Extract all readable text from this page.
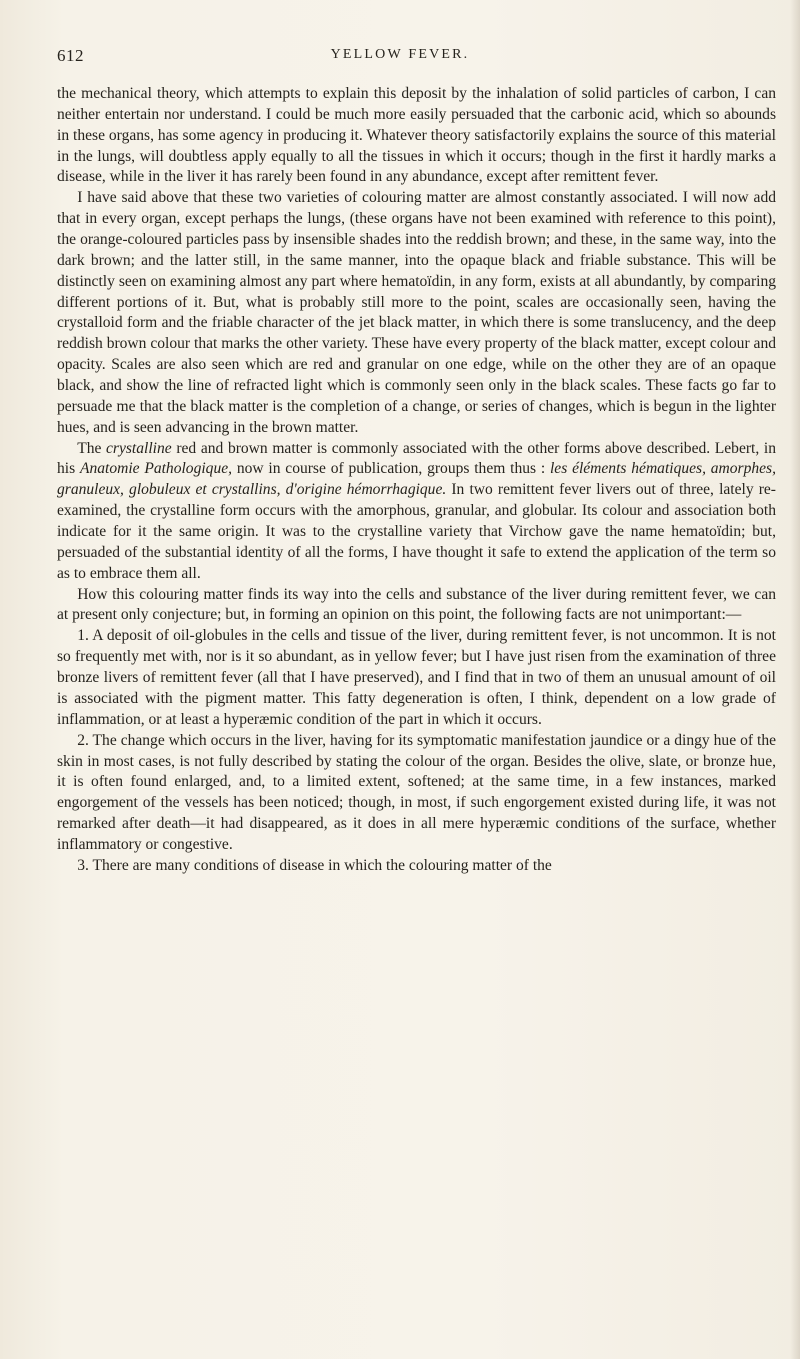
612	YELLOW FEVER.

the mechanical theory, which attempts to explain this deposit by the inhalation of solid particles of carbon, I can neither entertain nor understand. I could be much more easily persuaded that the carbonic acid, which so abounds in these organs, has some agency in producing it. Whatever theory satisfactorily explains the source of this material in the lungs, will doubtless apply equally to all the tissues in which it occurs; though in the first it hardly marks a disease, while in the liver it has rarely been found in any abundance, except after remittent fever.

I have said above that these two varieties of colouring matter are almost constantly associated. I will now add that in every organ, except perhaps the lungs, (these organs have not been examined with reference to this point), the orange-coloured particles pass by insensible shades into the reddish brown; and these, in the same way, into the dark brown; and the latter still, in the same manner, into the opaque black and friable substance. This will be distinctly seen on examining almost any part where hematoïdin, in any form, exists at all abundantly, by comparing different portions of it. But, what is probably still more to the point, scales are occasionally seen, having the crystalloid form and the friable character of the jet black matter, in which there is some translucency, and the deep reddish brown colour that marks the other variety. These have every property of the black matter, except colour and opacity. Scales are also seen which are red and granular on one edge, while on the other they are of an opaque black, and show the line of refracted light which is commonly seen only in the black scales. These facts go far to persuade me that the black matter is the completion of a change, or series of changes, which is begun in the lighter hues, and is seen advancing in the brown matter.

The crystalline red and brown matter is commonly associated with the other forms above described. Lebert, in his Anatomie Pathologique, now in course of publication, groups them thus : les éléments hématiques, amorphes, granuleux, globuleux et crystallins, d'origine hémorrhagique. In two remittent fever livers out of three, lately re-examined, the crystalline form occurs with the amorphous, granular, and globular. Its colour and association both indicate for it the same origin. It was to the crystalline variety that Virchow gave the name hematoïdin; but, persuaded of the substantial identity of all the forms, I have thought it safe to extend the application of the term so as to embrace them all.

How this colouring matter finds its way into the cells and substance of the liver during remittent fever, we can at present only conjecture; but, in forming an opinion on this point, the following facts are not unimportant:—

1. A deposit of oil-globules in the cells and tissue of the liver, during remittent fever, is not uncommon. It is not so frequently met with, nor is it so abundant, as in yellow fever; but I have just risen from the examination of three bronze livers of remittent fever (all that I have preserved), and I find that in two of them an unusual amount of oil is associated with the pigment matter. This fatty degeneration is often, I think, dependent on a low grade of inflammation, or at least a hyperæmic condition of the part in which it occurs.

2. The change which occurs in the liver, having for its symptomatic manifestation jaundice or a dingy hue of the skin in most cases, is not fully described by stating the colour of the organ. Besides the olive, slate, or bronze hue, it is often found enlarged, and, to a limited extent, softened; at the same time, in a few instances, marked engorgement of the vessels has been noticed; though, in most, if such engorgement existed during life, it was not remarked after death—it had disappeared, as it does in all mere hyperæmic conditions of the surface, whether inflammatory or congestive.

3. There are many conditions of disease in which the colouring matter of the
